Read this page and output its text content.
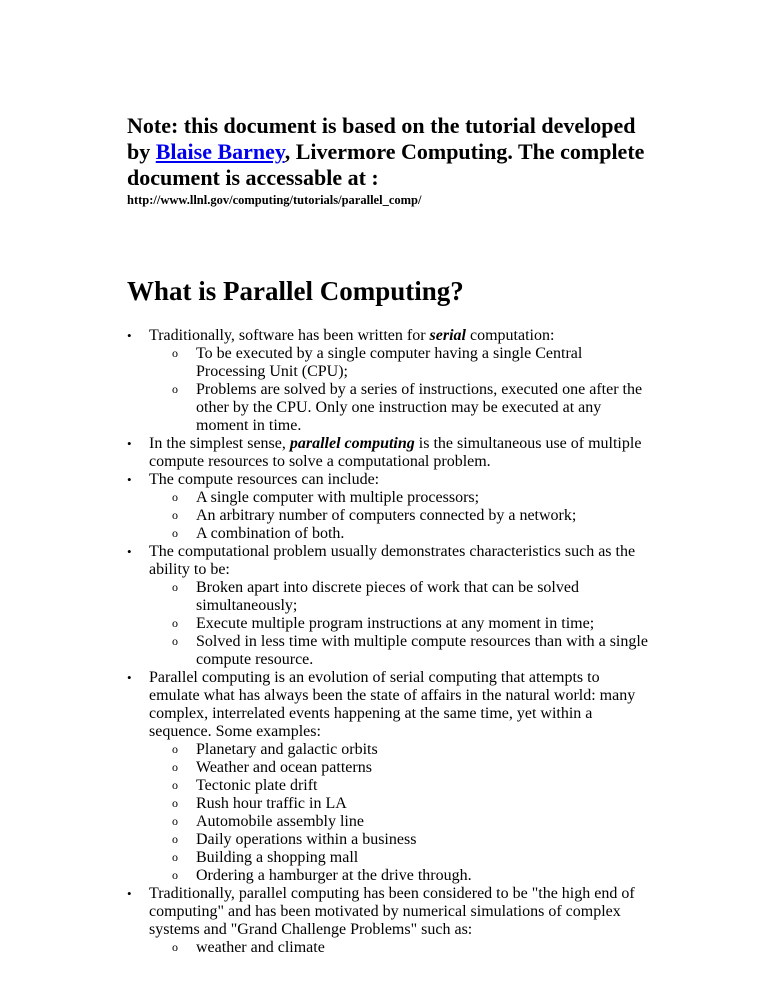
Note: this document is based on the tutorial developed by Blaise Barney, Livermore Computing. The complete document is accessable at :
http://www.llnl.gov/computing/tutorials/parallel_comp/
What is Parallel Computing?
• Traditionally, software has been written for serial computation:
o To be executed by a single computer having a single Central Processing Unit (CPU);
o Problems are solved by a series of instructions, executed one after the other by the CPU. Only one instruction may be executed at any moment in time.
• In the simplest sense, parallel computing is the simultaneous use of multiple compute resources to solve a computational problem.
• The compute resources can include:
o A single computer with multiple processors;
o An arbitrary number of computers connected by a network;
o A combination of both.
• The computational problem usually demonstrates characteristics such as the ability to be:
o Broken apart into discrete pieces of work that can be solved simultaneously;
o Execute multiple program instructions at any moment in time;
o Solved in less time with multiple compute resources than with a single compute resource.
• Parallel computing is an evolution of serial computing that attempts to emulate what has always been the state of affairs in the natural world: many complex, interrelated events happening at the same time, yet within a sequence. Some examples:
o Planetary and galactic orbits
o Weather and ocean patterns
o Tectonic plate drift
o Rush hour traffic in LA
o Automobile assembly line
o Daily operations within a business
o Building a shopping mall
o Ordering a hamburger at the drive through.
• Traditionally, parallel computing has been considered to be "the high end of computing" and has been motivated by numerical simulations of complex systems and "Grand Challenge Problems" such as:
o weather and climate
